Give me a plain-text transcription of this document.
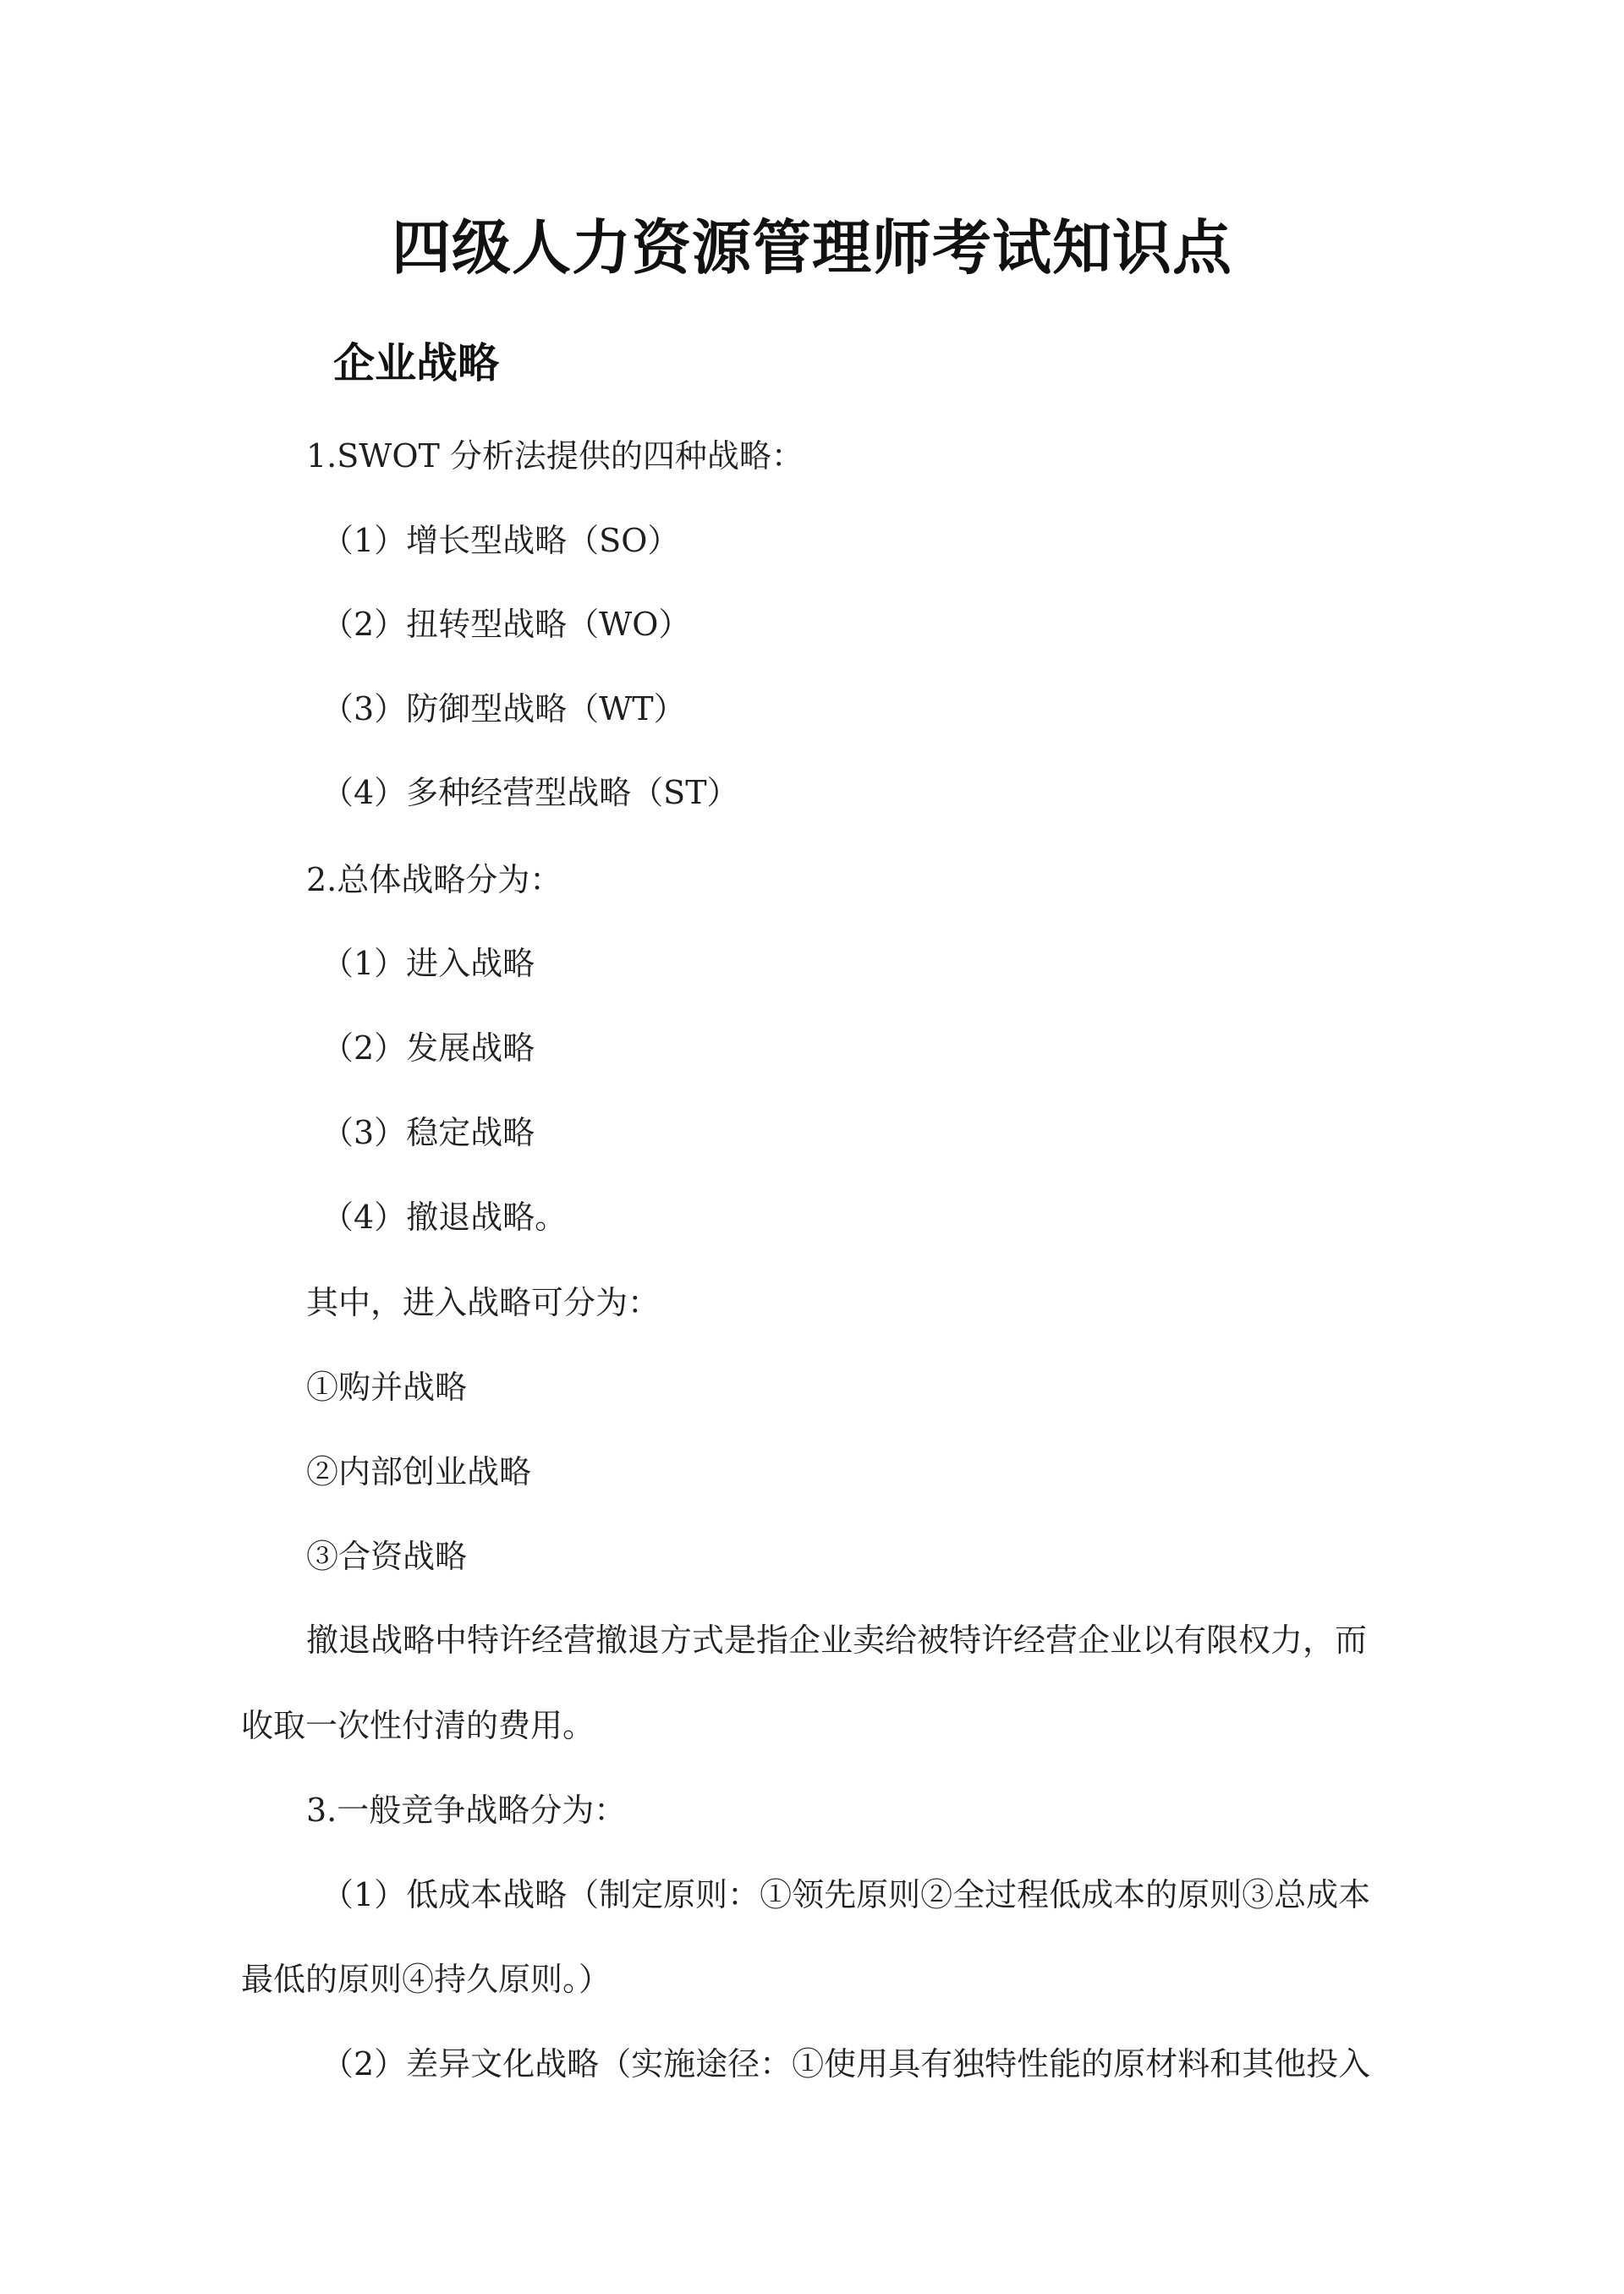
四级人力资源管理师考试知识点
企业战略
1.SWOT 分析法提供的四种战略：
（1）增长型战略（SO）
（2）扭转型战略（WO）
（3）防御型战略（WT）
（4）多种经营型战略（ST）
2.总体战略分为：
（1）进入战略
（2）发展战略
（3）稳定战略
（4）撤退战略。
其中，进入战略可分为：
①购并战略
②内部创业战略
③合资战略
撤退战略中特许经营撤退方式是指企业卖给被特许经营企业以有限权力，而
收取一次性付清的费用。
3.一般竞争战略分为：
（1）低成本战略（制定原则：①领先原则②全过程低成本的原则③总成本
最低的原则④持久原则。）
（2）差异文化战略（实施途径：①使用具有独特性能的原材料和其他投入
